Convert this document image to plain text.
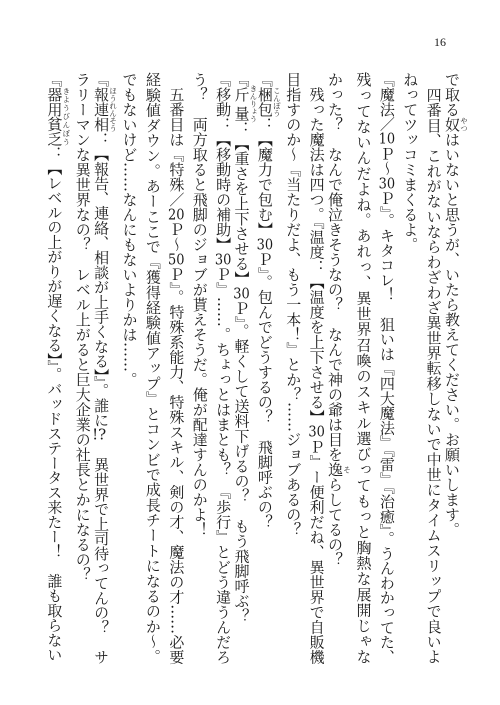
16
で取る奴やつはいないと思うが、いたら教えてください。お願いします。
　四番目、これがないならわざわざ異世界転移しないで中世にタイムスリップで良いよ
ねってツッコミまくるよ。
『魔法／10Ｐ～30Ｐ』。キタコレ！　狙いは『四大魔法』『雷』『治癒』。うんわかってた、
残ってないんだよね。あれっ、異世界召喚のスキル選びってもっと胸熱な展開じゃな
かった？　なんで俺泣きそうなの？　なんで神の爺は目を逸そらしてるの？
　残った魔法は四つ。『温度：【温度を上下させる】30Ｐ』ー便利だね、異世界で自販機
目指すのか～『当たりだよ、もう一本！』とか？……ジョブあるの？
『梱包こんぽう：【魔力で包む】30Ｐ』。包んでどうするの？　飛脚呼ぶの？
『斤量きんりょう：【重さを上下させる】30Ｐ』。軽くして送料下げるの？　もう飛脚呼ぶ？
『移動：【移動時の補助】30Ｐ』……。ちょっとはまとも？　『歩行』とどう違うんだろ
う？　両方取ると飛脚のジョブが貰えそうだ。俺が配達すんのかよ！
　五番目は『特殊／20Ｐ～50Ｐ』。特殊系能力、特殊スキル、剣の才、魔法の才……必要
経験値ダウン。あーここで『獲得経験値アップ』とコンビで成長チートになるのか～。
でもないけど……なんにもないよりかは……。
『報連相ほうれんそう：【報告、連絡、相談が上手くなる】』。誰に!?　異世界で上司待ってんの？　サ
ラリーマンな異世界なの？　レベル上がると巨大企業の社長とかになるの？
『器用貧乏きようびんぼう：【レベルの上がりが遅くなる】』。バッドステータス来たー！　誰も取らない
